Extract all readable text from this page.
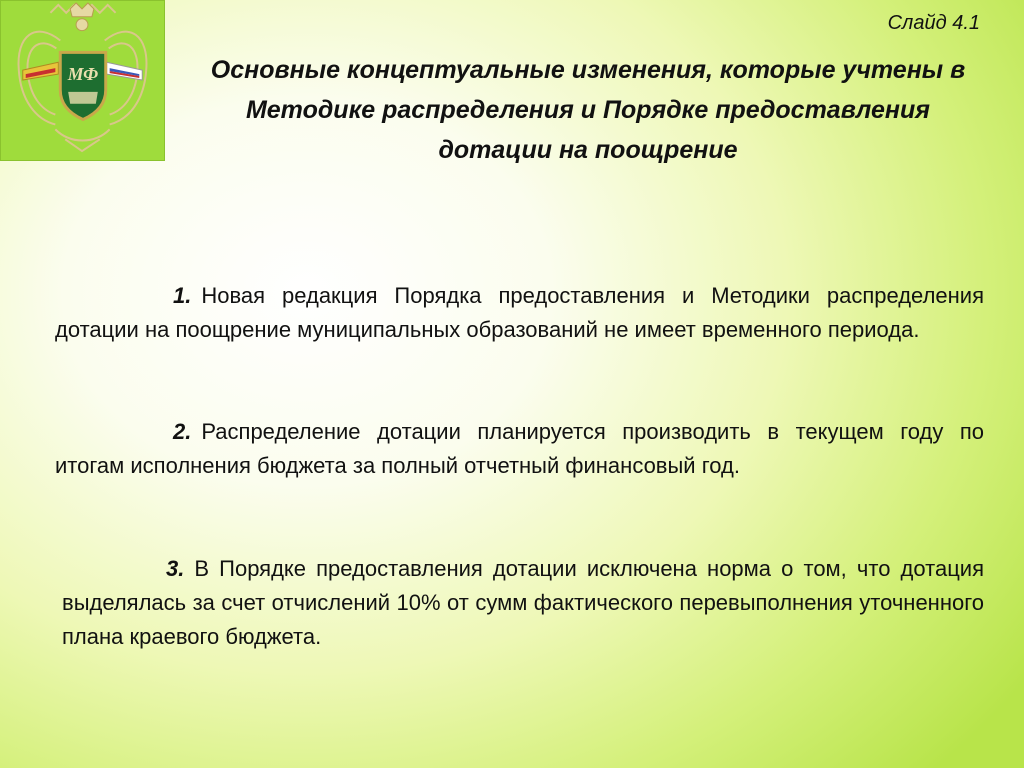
МФ
Слайд 4.1
Основные концептуальные изменения, которые учтены в Методике распределения и Порядке предоставления дотации на поощрение
1. Новая редакция Порядка предоставления и Методики распределения дотации на поощрение муниципальных образований не имеет временного периода.
2. Распределение дотации планируется производить в текущем году по итогам исполнения бюджета за полный отчетный финансовый год.
3. В Порядке предоставления дотации исключена норма о том, что дотация выделялась за счет отчислений 10% от сумм фактического перевыполнения уточненного плана краевого бюджета.
